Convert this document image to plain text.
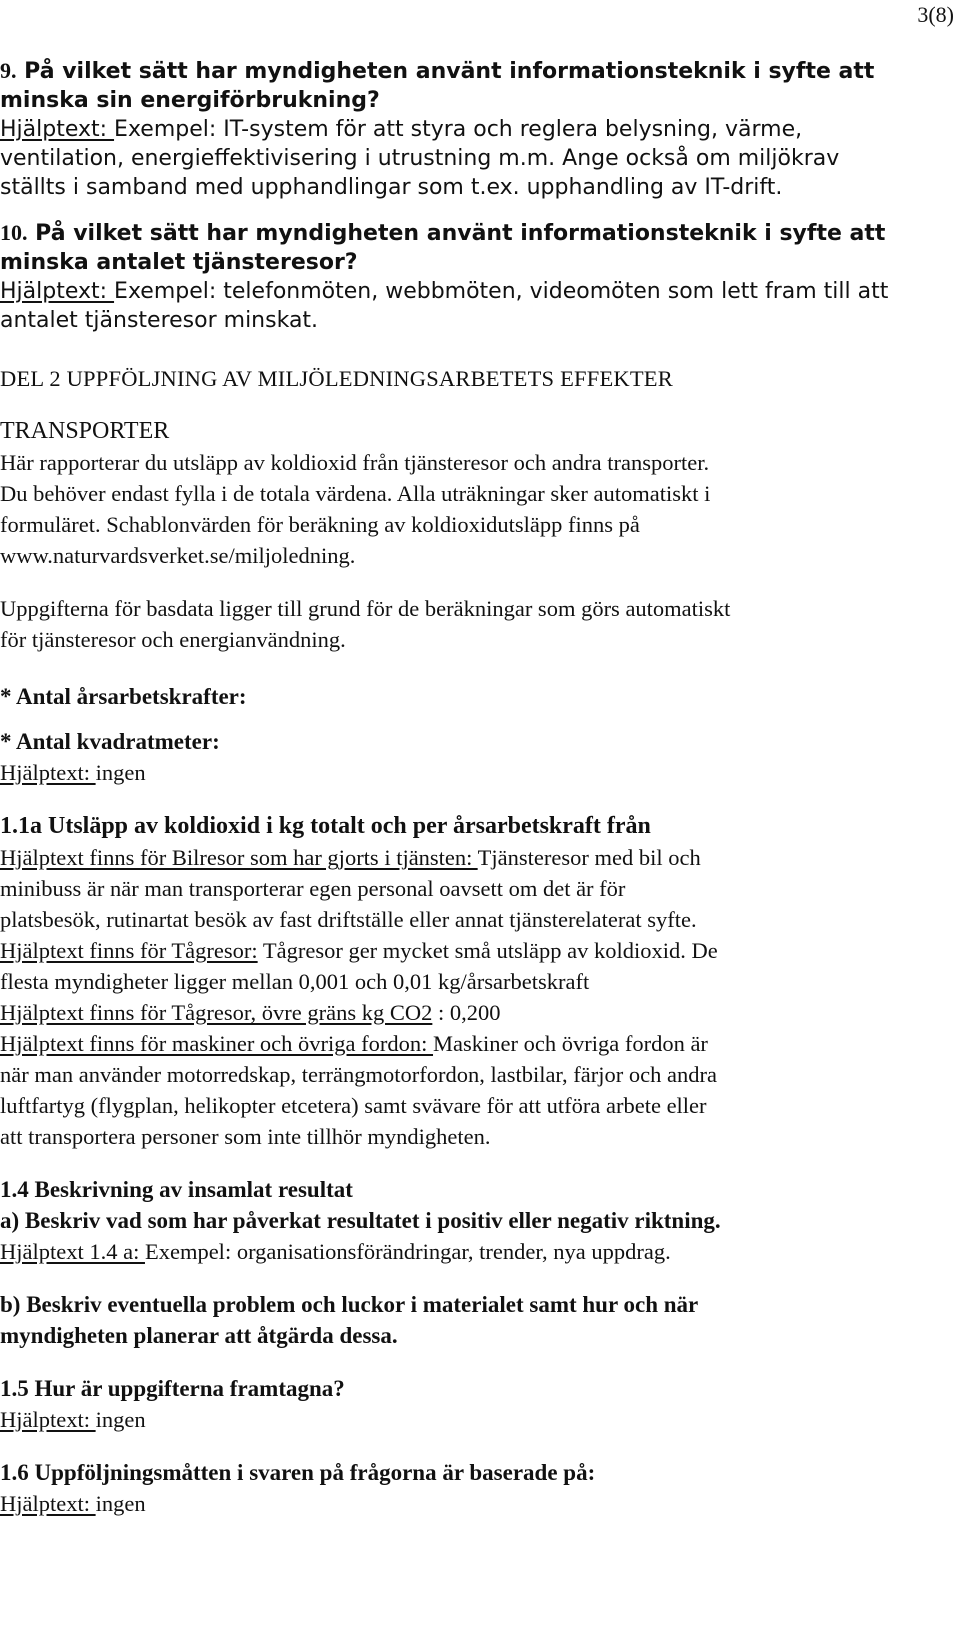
3(8)

9. På vilket sätt har myndigheten använt informationsteknik i syfte att

minska sin energiförbrukning?

Hjälptext: Exempel: IT-system för att styra och reglera belysning, värme,

ventilation, energieffektivisering i utrustning m.m. Ange också om miljökrav

ställts i samband med upphandlingar som t.ex. upphandling av IT-drift.

10. På vilket sätt har myndigheten använt informationsteknik i syfte att

minska antalet tjänsteresor?

Hjälptext: Exempel: telefonmöten, webbmöten, videomöten som lett fram till att

antalet tjänsteresor minskat.

DEL 2 UPPFÖLJNING AV MILJÖLEDNINGSARBETETS EFFEKTER

TRANSPORTER

Här rapporterar du utsläpp av koldioxid från tjänsteresor och andra transporter.

Du behöver endast fylla i de totala värdena. Alla uträkningar sker automatiskt i

formuläret. Schablonvärden för beräkning av koldioxidutsläpp finns på

www.naturvardsverket.se/miljoledning.

Uppgifterna för basdata ligger till grund för de beräkningar som görs automatiskt

för tjänsteresor och energianvändning.

* Antal årsarbetskrafter:

* Antal kvadratmeter:

Hjälptext: ingen

1.1a Utsläpp av koldioxid i kg totalt och per årsarbetskraft från

Hjälptext finns för Bilresor som har gjorts i tjänsten: Tjänsteresor med bil och

minibuss är när man transporterar egen personal oavsett om det är för

platsbesök, rutinartat besök av fast driftställe eller annat tjänsterelaterat syfte.

Hjälptext finns för Tågresor: Tågresor ger mycket små utsläpp av koldioxid. De

flesta myndigheter ligger mellan 0,001 och 0,01 kg/årsarbetskraft

Hjälptext finns för Tågresor, övre gräns kg CO2 : 0,200

Hjälptext finns för maskiner och övriga fordon: Maskiner och övriga fordon är

när man använder motorredskap, terrängmotorfordon, lastbilar, färjor och andra

luftfartyg (flygplan, helikopter etcetera) samt svävare för att utföra arbete eller

att transportera personer som inte tillhör myndigheten.

1.4 Beskrivning av insamlat resultat

a) Beskriv vad som har påverkat resultatet i positiv eller negativ riktning.

Hjälptext 1.4 a: Exempel: organisationsförändringar, trender, nya uppdrag.

b) Beskriv eventuella problem och luckor i materialet samt hur och när

myndigheten planerar att åtgärda dessa.

1.5 Hur är uppgifterna framtagna?

Hjälptext: ingen

1.6 Uppföljningsmåtten i svaren på frågorna är baserade på:

Hjälptext: ingen
